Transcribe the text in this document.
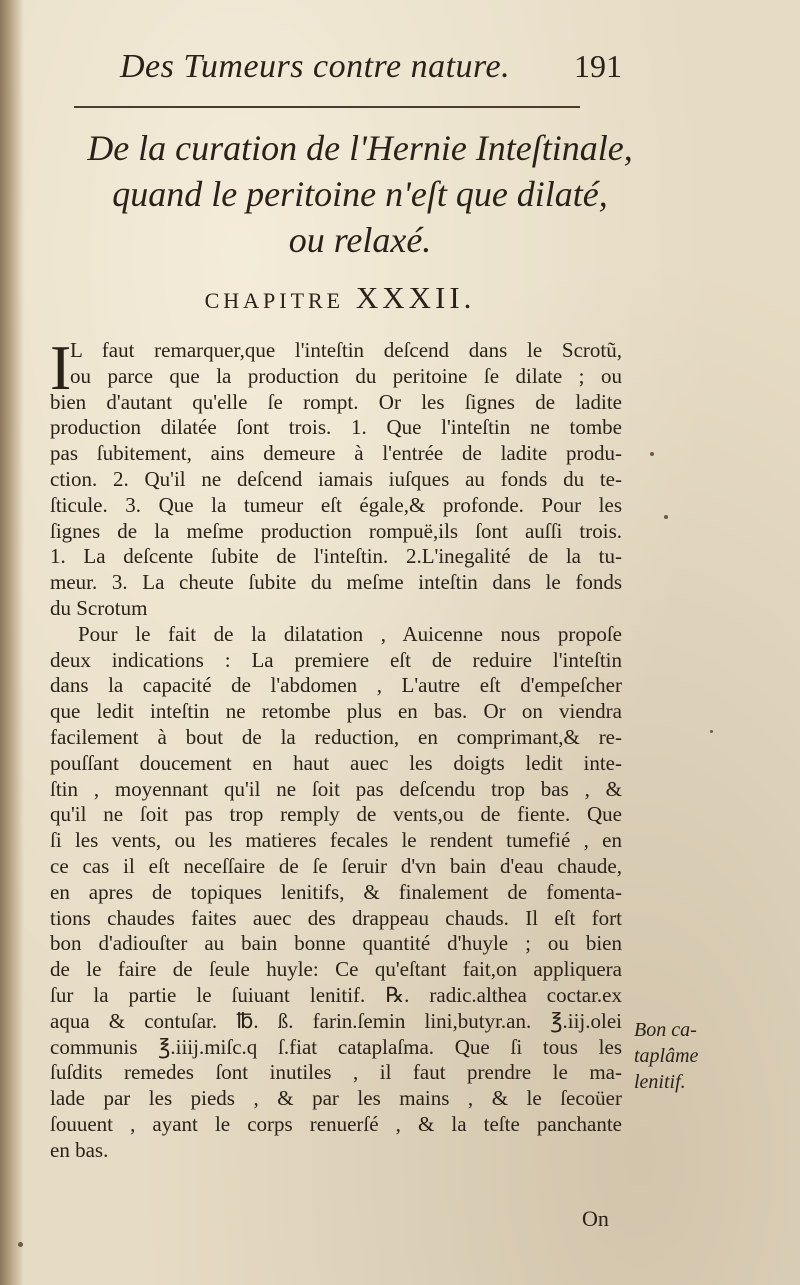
Des Tumeurs contre nature. 191
De la curation de l'Hernie Inteſtinale,
quand le peritoine n'eſt que dilaté,
ou relaxé.
CHAPITRE XXXII.
I
L faut remarquer,que l'inteſtin deſcend dans le Scrotũ,
ou parce que la production du peritoine ſe dilate ; ou
bien d'autant qu'elle ſe rompt. Or les ſignes de ladite
production dilatée ſont trois. 1. Que l'inteſtin ne tombe
pas ſubitement, ains demeure à l'entrée de ladite produ-
ction. 2. Qu'il ne deſcend iamais iuſques au fonds du te-
ſticule. 3. Que la tumeur eſt égale,& profonde. Pour les
ſignes de la meſme production rompuë,ils ſont auſſi trois.
1. La deſcente ſubite de l'inteſtin. 2.L'inegalité de la tu-
meur. 3. La cheute ſubite du meſme inteſtin dans le fonds
du Scrotum
Pour le fait de la dilatation , Auicenne nous propoſe
deux indications : La premiere eſt de reduire l'inteſtin
dans la capacité de l'abdomen , L'autre eſt d'empeſcher
que ledit inteſtin ne retombe plus en bas. Or on viendra
facilement à bout de la reduction, en comprimant,& re-
pouſſant doucement en haut auec les doigts ledit inte-
ſtin , moyennant qu'il ne ſoit pas deſcendu trop bas , &
qu'il ne ſoit pas trop remply de vents,ou de fiente. Que
ſi les vents, ou les matieres fecales le rendent tumefié , en
ce cas il eſt neceſſaire de ſe ſeruir d'vn bain d'eau chaude,
en apres de topiques lenitifs, & finalement de fomenta-
tions chaudes faites auec des drappeau chauds. Il eſt fort
bon d'adiouſter au bain bonne quantité d'huyle ; ou bien
de le faire de ſeule huyle: Ce qu'eſtant fait,on appliquera
ſur la partie le ſuiuant lenitif. ℞. radic.althea coctar.ex
aqua & contuſar. ℔. ß. farin.ſemin lini,butyr.an. ℥.iij.olei
communis ℥.iiij.miſc.q ſ.fiat cataplaſma. Que ſi tous les
ſuſdits remedes ſont inutiles , il faut prendre le ma-
lade par les pieds , & par les mains , & le ſecoüer
ſouuent , ayant le corps renuerſé , & la teſte panchante
en bas.
Bon ca-
taplâme
lenitif.
On
